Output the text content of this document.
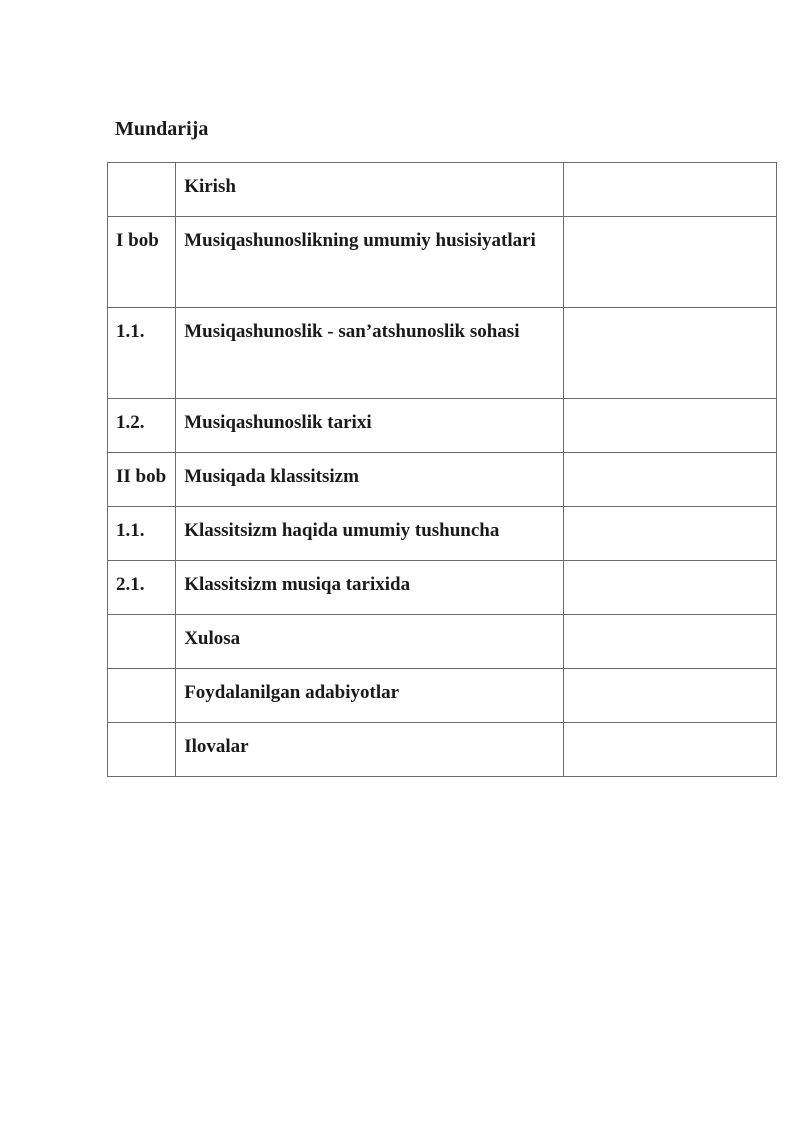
Mundarija
	Kirish	
I bob	Musiqashunoslikning umumiy husisiyatlari	
1.1.	Musiqashunoslik - san’atshunoslik sohasi	
1.2.	Musiqashunoslik tarixi	
II bob	Musiqada klassitsizm	
1.1.	Klassitsizm haqida umumiy tushuncha	
2.1.	Klassitsizm musiqa tarixida	
	Xulosa	
	Foydalanilgan adabiyotlar	
	Ilovalar	
